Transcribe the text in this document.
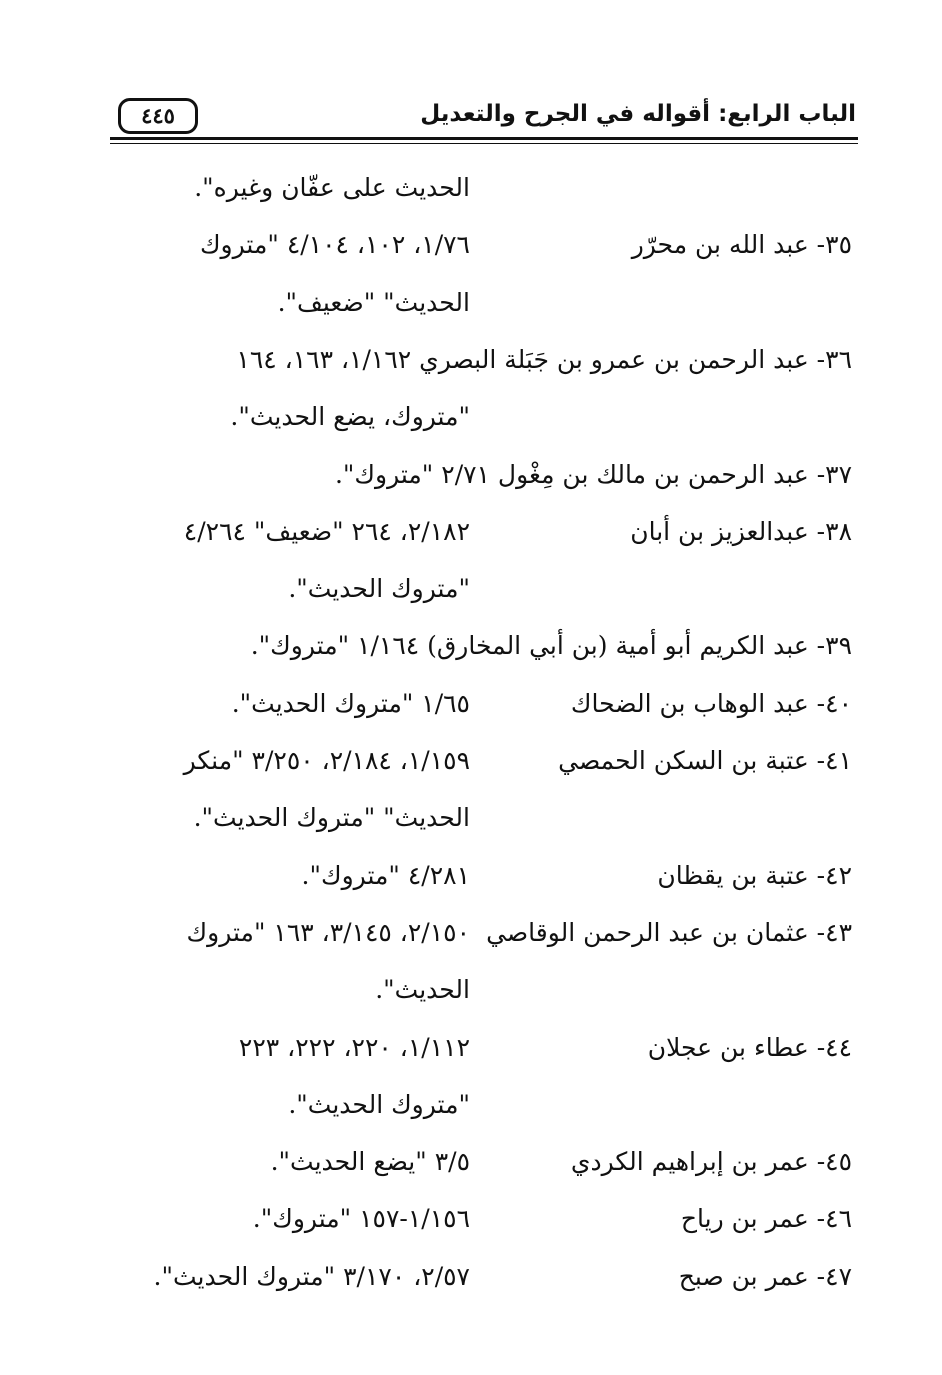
٤٤٥	الباب الرابع: أقواله في الجرح والتعديل
الحديث على عفّان وغيره".
٣٥- عبد الله بن محرّر
١/٧٦، ١٠٢، ٤/١٠٤ "متروك
الحديث" "ضعيف".
٣٦- عبد الرحمن بن عمرو بن جَبَلة البصري ١/١٦٢، ١٦٣، ١٦٤
"متروك، يضع الحديث".
٣٧- عبد الرحمن بن مالك بن مِغْول ٢/٧١ "متروك".
٣٨- عبدالعزيز بن أبان
٢/١٨٢، ٢٦٤ "ضعيف" ٤/٢٦٤
"متروك الحديث".
٣٩- عبد الكريم أبو أمية (بن أبي المخارق) ١/١٦٤ "متروك".
٤٠- عبد الوهاب بن الضحاك
١/٦٥ "متروك الحديث".
٤١- عتبة بن السكن الحمصي
١/١٥٩، ٢/١٨٤، ٣/٢٥٠ "منكر
الحديث" "متروك الحديث".
٤٢- عتبة بن يقظان
٤/٢٨١ "متروك".
٤٣- عثمان بن عبد الرحمن الوقاصي
٢/١٥٠، ٣/١٤٥، ١٦٣ "متروك
الحديث".
٤٤- عطاء بن عجلان
١/١١٢، ٢٢٠، ٢٢٢، ٢٢٣
"متروك الحديث".
٤٥- عمر بن إبراهيم الكردي
٣/٥ "يضع الحديث".
٤٦- عمر بن رياح
١/١٥٦-١٥٧ "متروك".
٤٧- عمر بن صبح
٢/٥٧، ٣/١٧٠ "متروك الحديث".
